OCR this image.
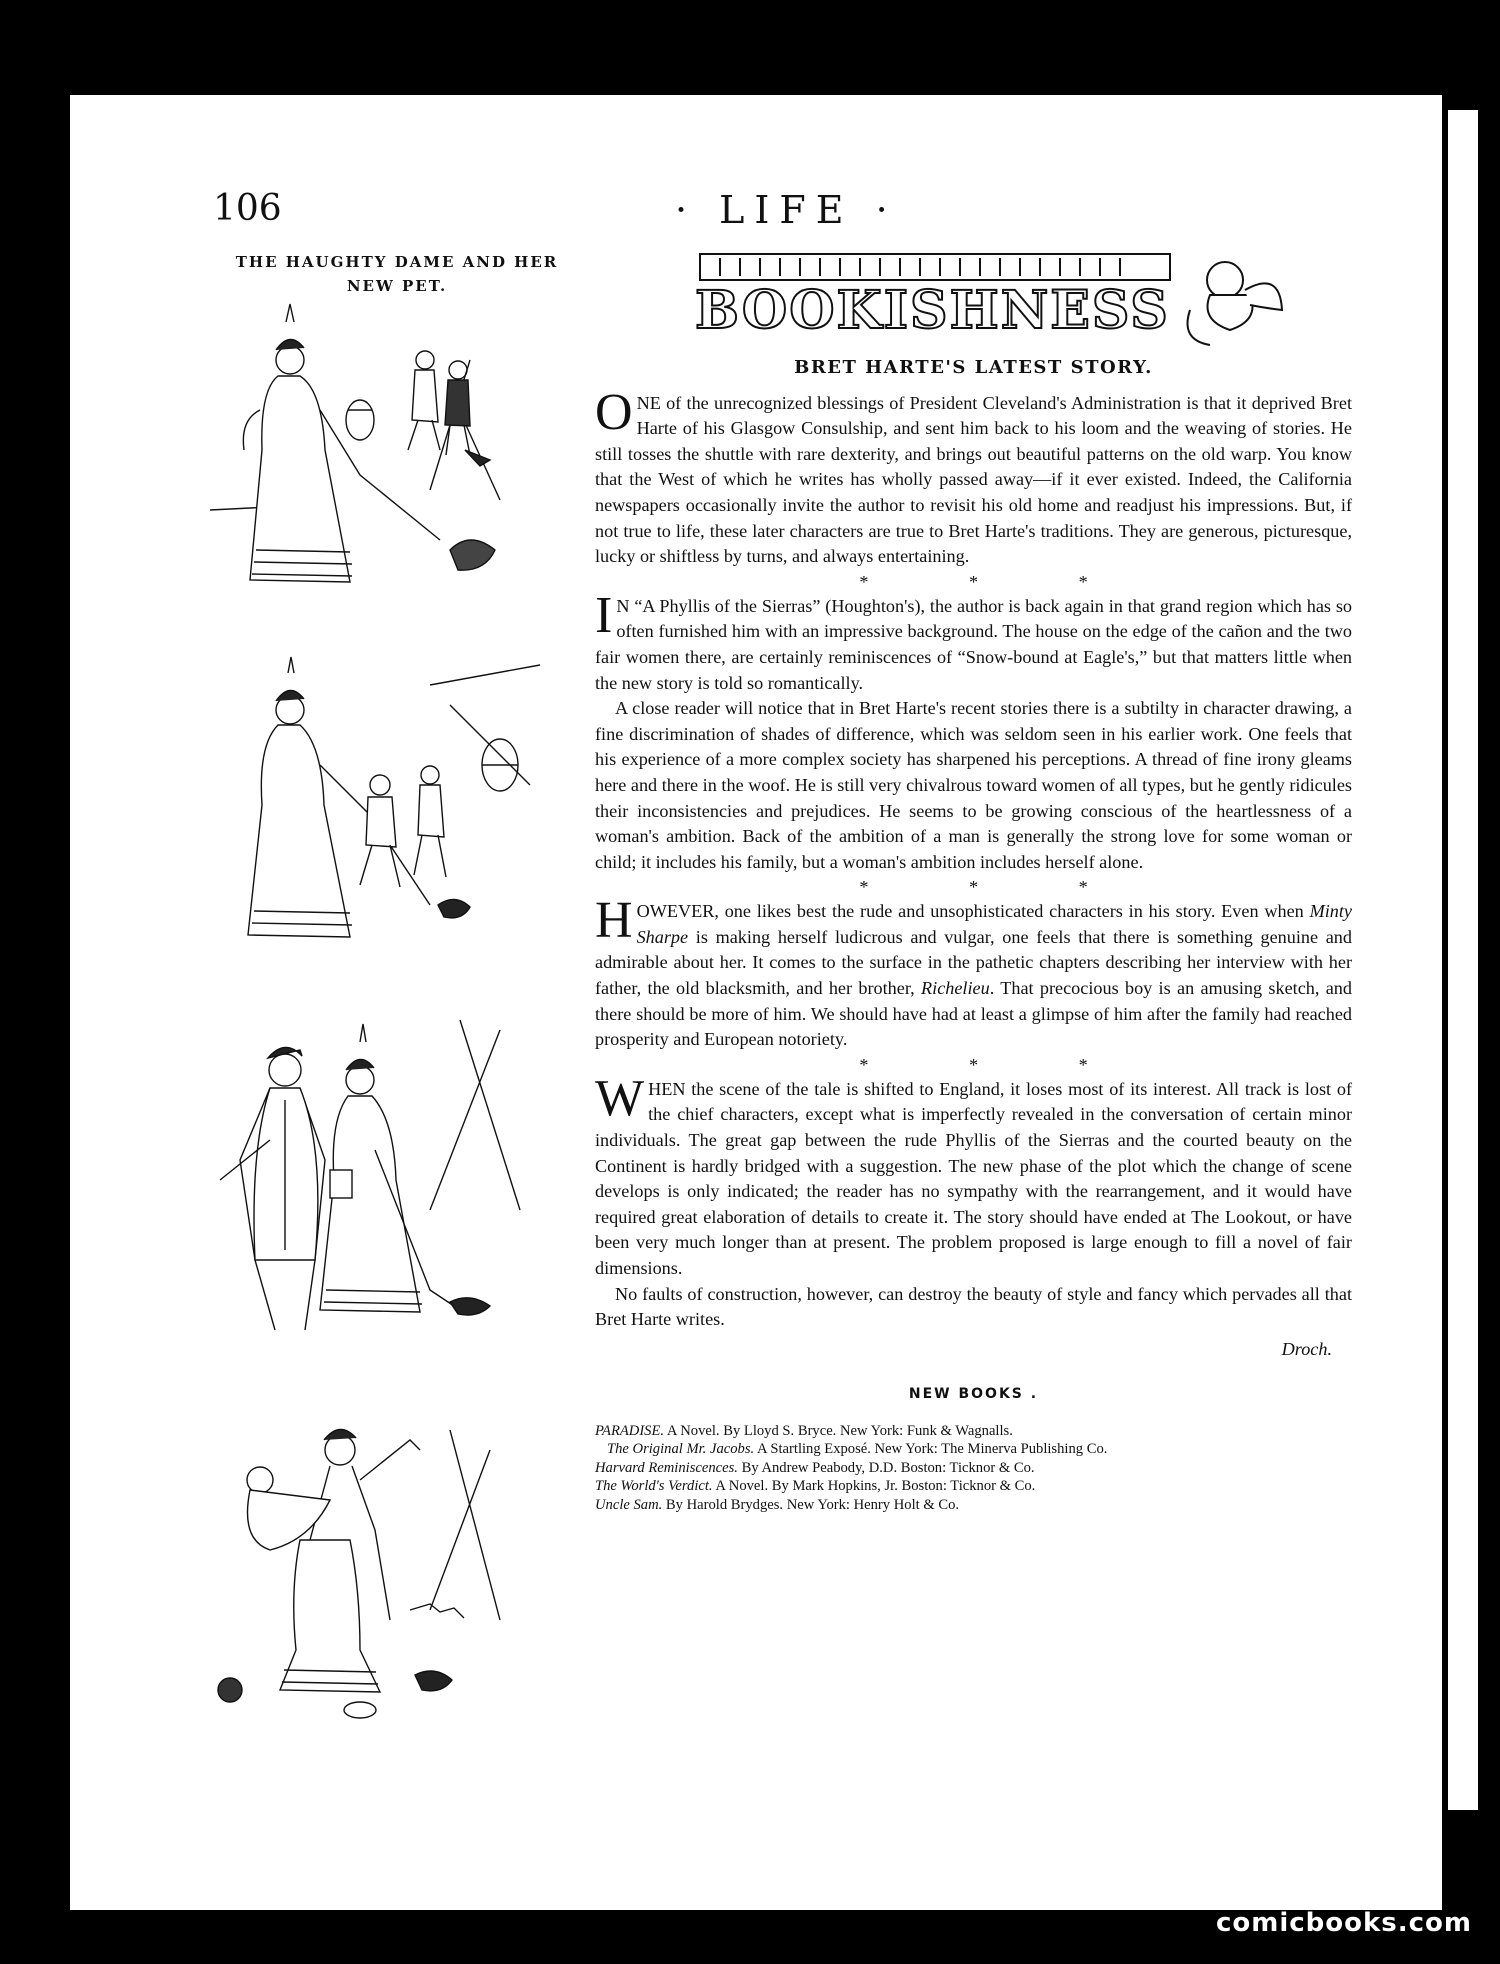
106	· LIFE ·
THE HAUGHTY DAME AND HER NEW PET.	BOOKISHNESS
BRET HARTE'S LATEST STORY.

ONE of the unrecognized blessings of President Cleveland's Administration is that it deprived Bret Harte of his Glasgow Consulship, and sent him back to his loom and the weaving of stories. He still tosses the shuttle with rare dexterity, and brings out beautiful patterns on the old warp. You know that the West of which he writes has wholly passed away—if it ever existed. Indeed, the California newspapers occasionally invite the author to revisit his old home and readjust his impressions. But, if not true to life, these later characters are true to Bret Harte's traditions. They are generous, picturesque, lucky or shiftless by turns, and always entertaining.

* * *

I N “A Phyllis of the Sierras” (Houghton's), the author is back again in that grand region which has so often furnished him with an impressive background. The house on the edge of the cañon and the two fair women there, are certainly reminiscences of “Snow-bound at Eagle's,” but that matters little when the new story is told so romantically.

A close reader will notice that in Bret Harte's recent stories there is a subtilty in character drawing, a fine discrimination of shades of difference, which was seldom seen in his earlier work. One feels that his experience of a more complex society has sharpened his perceptions. A thread of fine irony gleams here and there in the woof. He is still very chivalrous toward women of all types, but he gently ridicules their inconsistencies and prejudices. He seems to be growing conscious of the heartlessness of a woman's ambition. Back of the ambition of a man is generally the strong love for some woman or child; it includes his family, but a woman's ambition includes herself alone.

* * *

HOWEVER, one likes best the rude and unsophisticated characters in his story. Even when Minty Sharpe is making herself ludicrous and vulgar, one feels that there is something genuine and admirable about her. It comes to the surface in the pathetic chapters describing her interview with her father, the old blacksmith, and her brother, Richelieu. That precocious boy is an amusing sketch, and there should be more of him. We should have had at least a glimpse of him after the family had reached prosperity and European notoriety.

* * *

WHEN the scene of the tale is shifted to England, it loses most of its interest. All track is lost of the chief characters, except what is imperfectly revealed in the conversation of certain minor individuals. The great gap between the rude Phyllis of the Sierras and the courted beauty on the Continent is hardly bridged with a suggestion. The new phase of the plot which the change of scene develops is only indicated; the reader has no sympathy with the rearrangement, and it would have required great elaboration of details to create it. The story should have ended at The Lookout, or have been very much longer than at present. The problem proposed is large enough to fill a novel of fair dimensions.

No faults of construction, however, can destroy the beauty of style and fancy which pervades all that Bret Harte writes.

Droch.
NEW BOOKS .
PARADISE. A Novel. By Lloyd S. Bryce. New York: Funk & Wagnalls.
The Original Mr. Jacobs. A Startling Exposé. New York: The Minerva Publishing Co.
Harvard Reminiscences. By Andrew Peabody, D.D. Boston: Ticknor & Co.
The World's Verdict. A Novel. By Mark Hopkins, Jr. Boston: Ticknor & Co.
Uncle Sam. By Harold Brydges. New York: Henry Holt & Co.
comicbooks.com
